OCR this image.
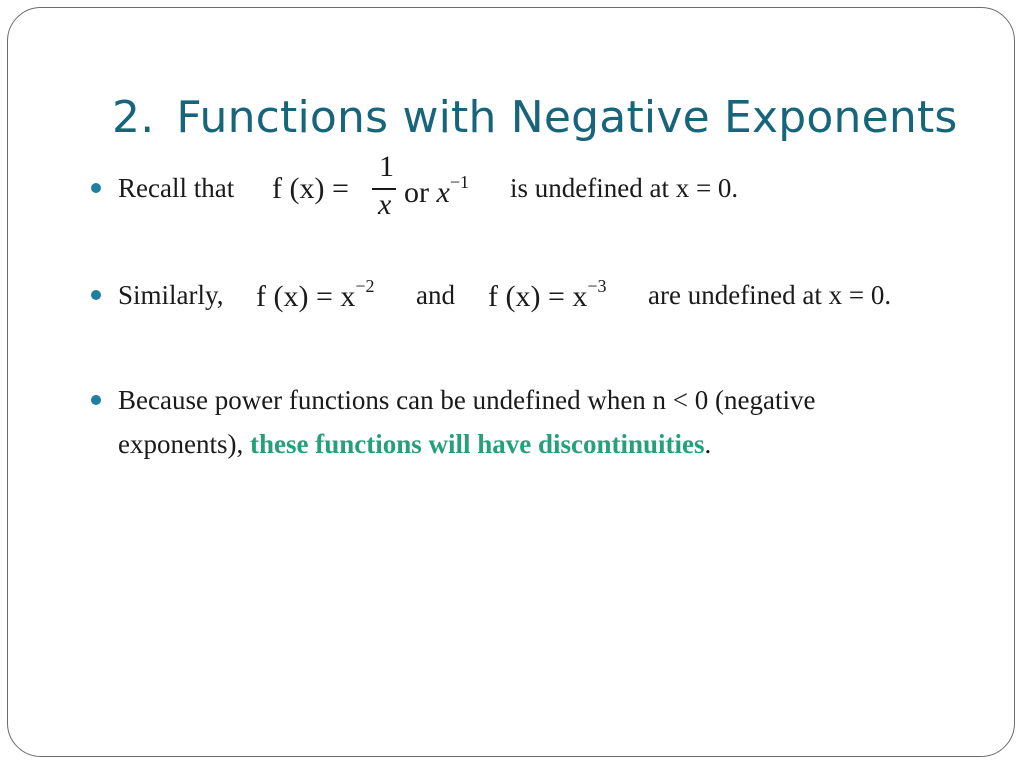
2. Functions with Negative Exponents
Recall that f (x) =
1
x or $x^{-1}$ is undefined at x = 0.
Similarly, f $(x) = x^{-2}$ and f $(x) = x^{-3}$ are undefined at x = 0.
Because power functions can be undefined when n < 0 (negative
exponents), these functions will have discontinuities.
